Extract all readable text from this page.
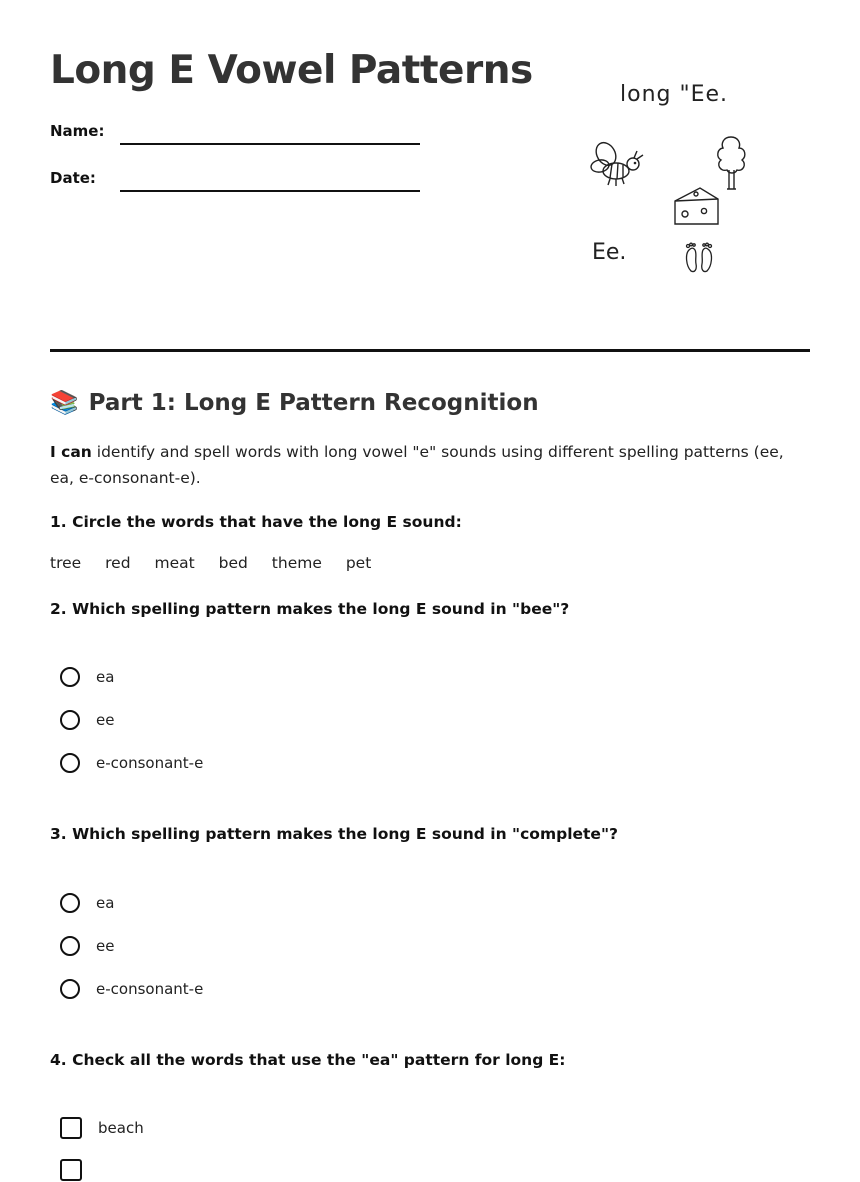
Long E Vowel Patterns
Name:
Date:
long "Ee.
Ee.
📚 Part 1: Long E Pattern Recognition
I can identify and spell words with long vowel "e" sounds using different spelling patterns (ee, ea, e-consonant-e).
1. Circle the words that have the long E sound:
tree red meat bed theme pet
2. Which spelling pattern makes the long E sound in "bee"?
ea
ee
e-consonant-e
3. Which spelling pattern makes the long E sound in "complete"?
ea
ee
e-consonant-e
4. Check all the words that use the "ea" pattern for long E:
beach
